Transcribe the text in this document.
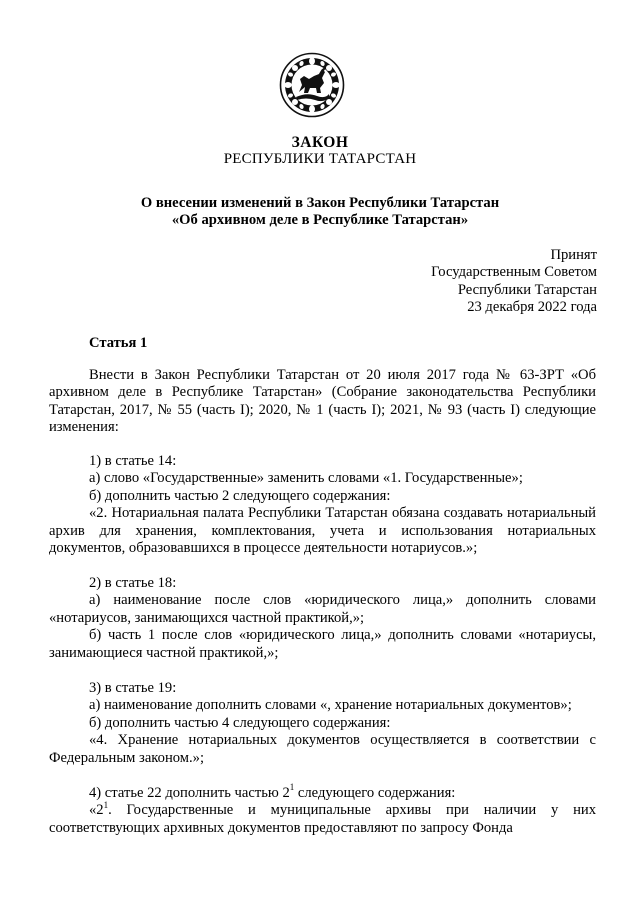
ЗАКОН
РЕСПУБЛИКИ ТАТАРСТАН
О внесении изменений в Закон Республики Татарстан
«Об архивном деле в Республике Татарстан»
Принят
Государственным Советом
Республики Татарстан
23 декабря 2022 года
Статья 1

Внести в Закон Республики Татарстан от 20 июля 2017 года № 63-ЗРТ «Об архивном деле в Республике Татарстан» (Собрание законодательства Республики Татарстан, 2017, № 55 (часть I); 2020, № 1 (часть I); 2021, № 93 (часть I) следующие изменения:

1) в статье 14:
а) слово «Государственные» заменить словами «1. Государственные»;
б) дополнить частью 2 следующего содержания:

«2. Нотариальная палата Республики Татарстан обязана создавать нотариальный архив для хранения, комплектования, учета и использования нотариальных документов, образовавшихся в процессе деятельности нотариусов.»;

2) в статье 18:

а) наименование после слов «юридического лица,» дополнить словами «нотариусов, занимающихся частной практикой,»;

б) часть 1 после слов «юридического лица,» дополнить словами «нотариусы, занимающиеся частной практикой,»;

3) в статье 19:
а) наименование дополнить словами «, хранение нотариальных документов»;
б) дополнить частью 4 следующего содержания:

«4. Хранение нотариальных документов осуществляется в соответствии с Федеральным законом.»;

4) статье 22 дополнить частью $2^1$ следующего содержания:

«$2^1$. Государственные и муниципальные архивы при наличии у них соответствующих архивных документов предоставляют по запросу Фонда
